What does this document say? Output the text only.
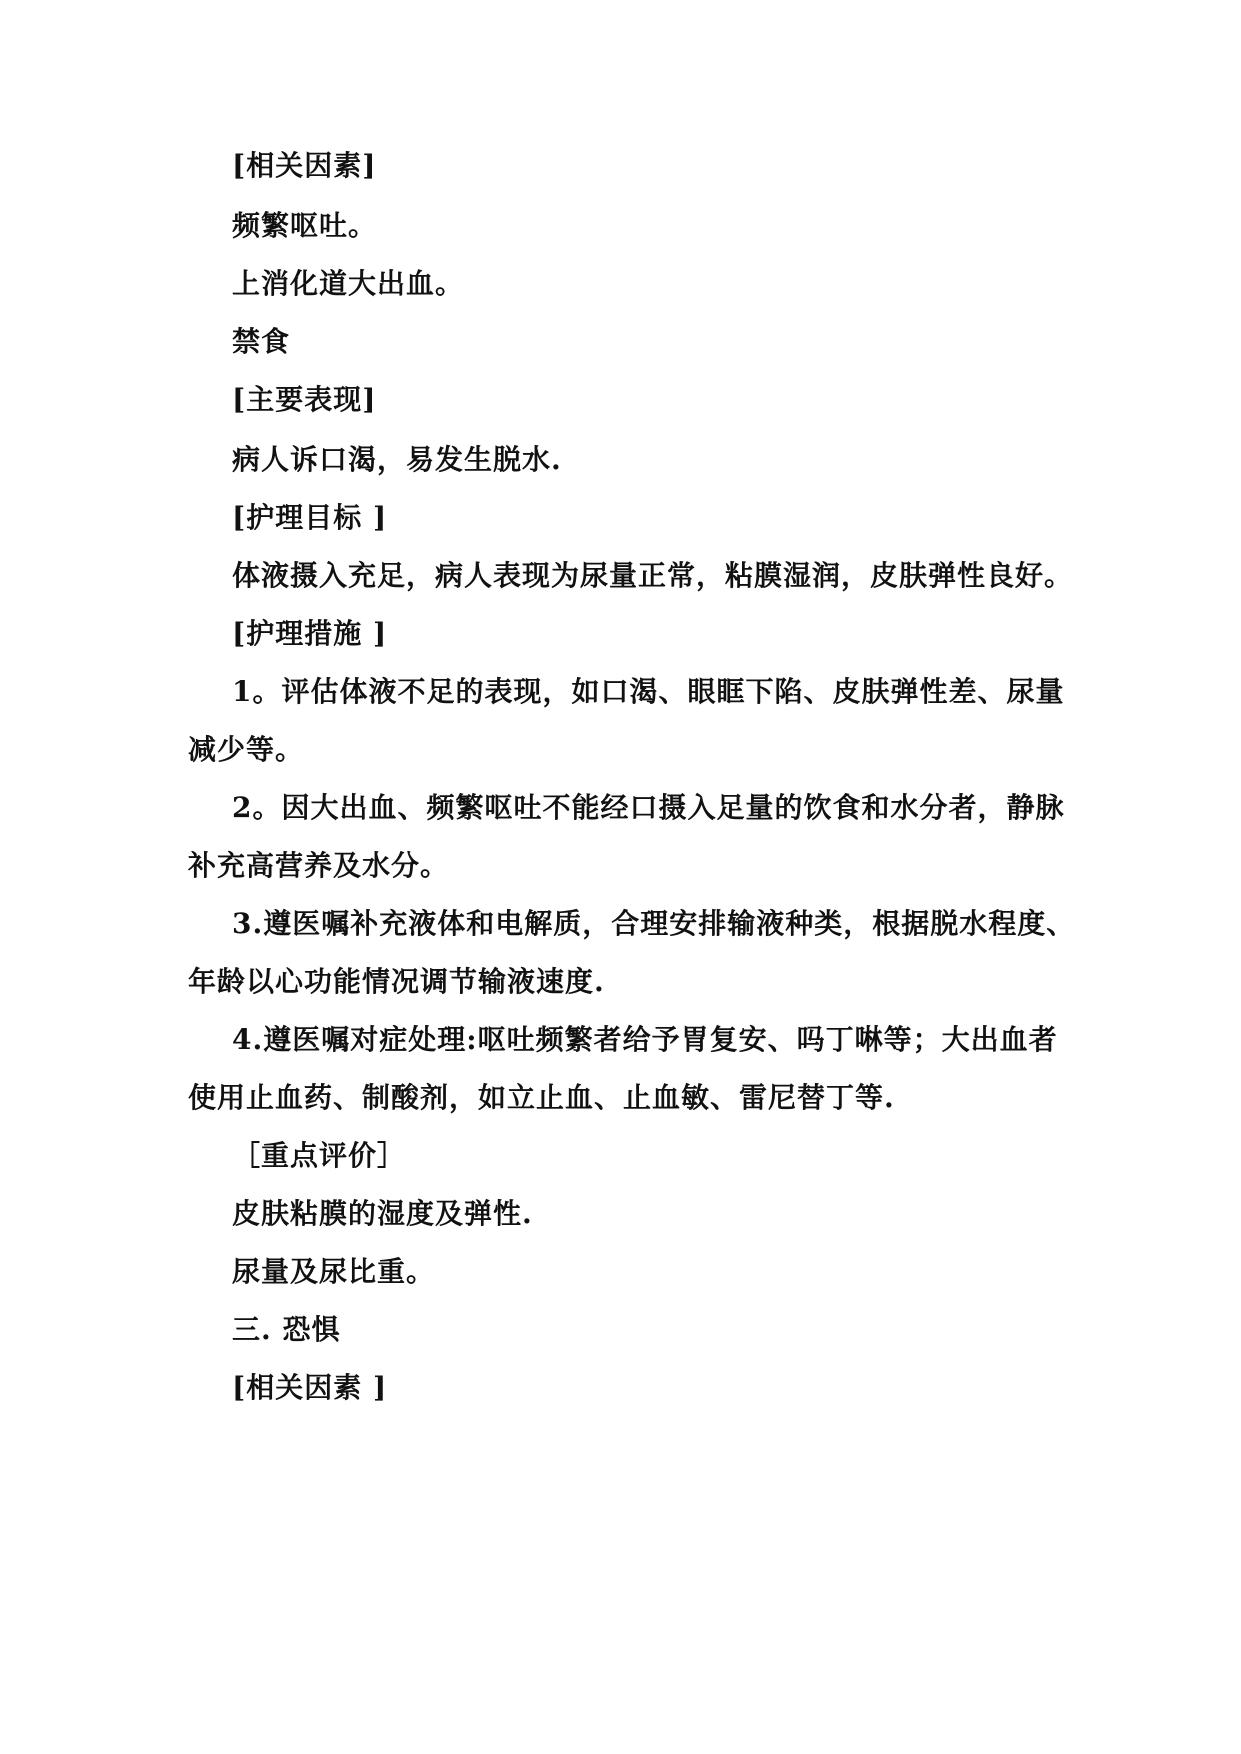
[相关因素]
频繁呕吐。
上消化道大出血。
禁食
[主要表现]
病人诉口渴，易发生脱水.
[护理目标 ]
体液摄入充足，病人表现为尿量正常，粘膜湿润，皮肤弹性良好。
[护理措施 ]
1。评估体液不足的表现，如口渴、眼眶下陷、皮肤弹性差、尿量
减少等。
2。因大出血、频繁呕吐不能经口摄入足量的饮食和水分者，静脉
补充高营养及水分。
3.遵医嘱补充液体和电解质，合理安排输液种类，根据脱水程度、
年龄以心功能情况调节输液速度.
4.遵医嘱对症处理:呕吐频繁者给予胃复安、吗丁啉等；大出血者
使用止血药、制酸剂，如立止血、止血敏、雷尼替丁等.
［重点评价］
皮肤粘膜的湿度及弹性.
尿量及尿比重。
三. 恐惧
[相关因素 ]
